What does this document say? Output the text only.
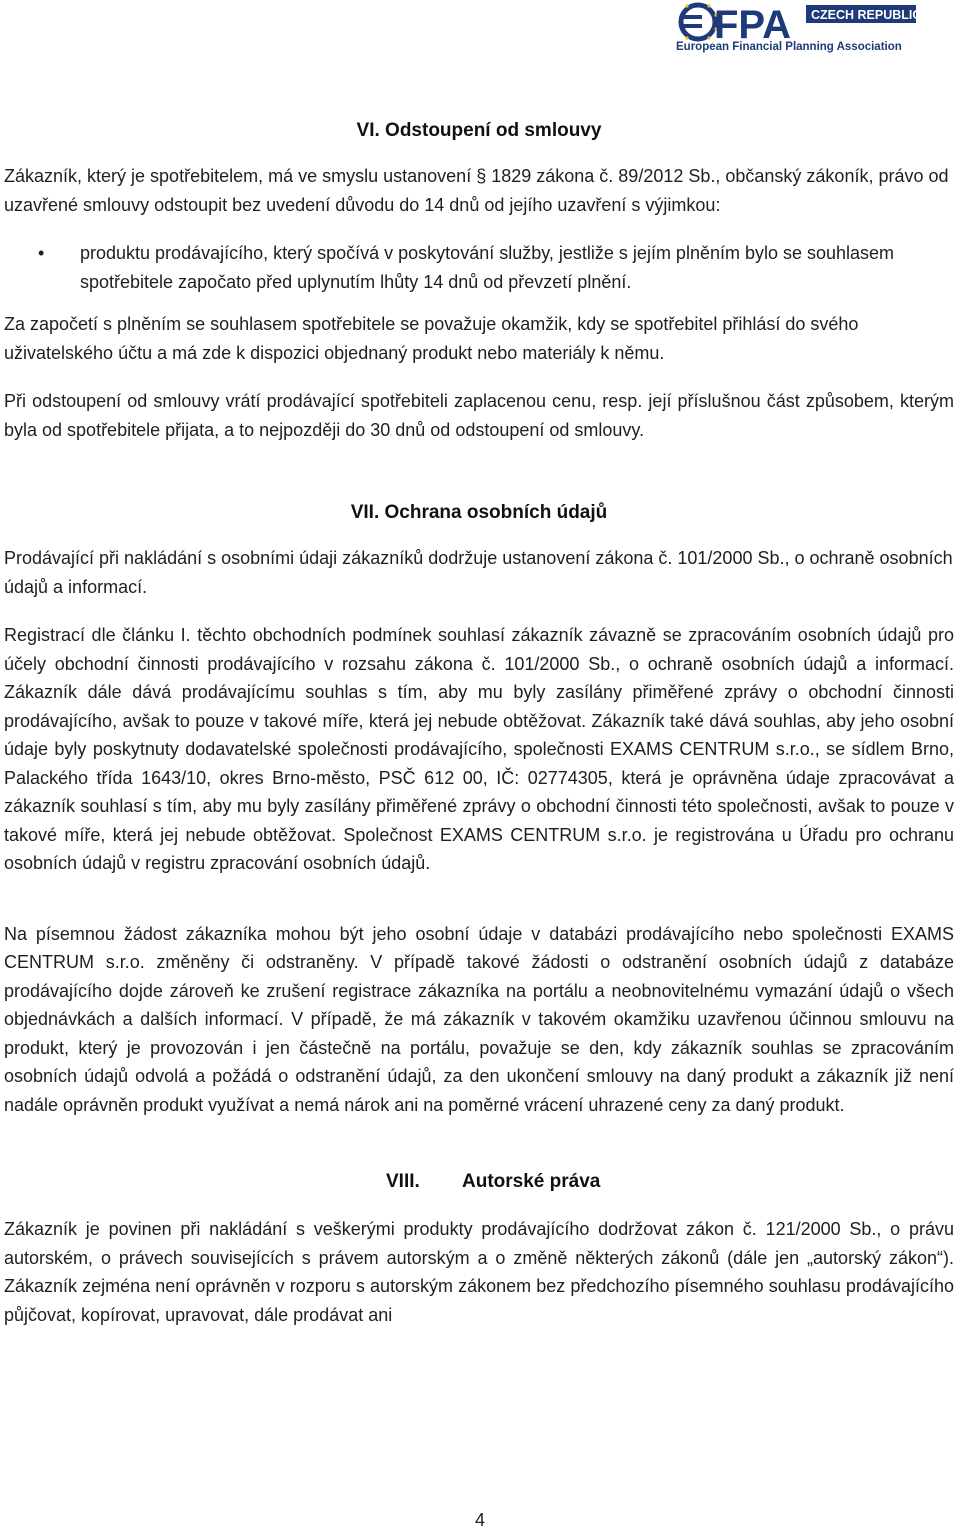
FPA CZECH REPUBLIC
European Financial Planning Association
VI. Odstoupení od smlouvy

Zákazník, který je spotřebitelem, má ve smyslu ustanovení § 1829 zákona č. 89/2012 Sb., občanský zákoník, právo od uzavřené smlouvy odstoupit bez uvedení důvodu do 14 dnů od jejího uzavření s výjimkou:

• produktu prodávajícího, který spočívá v poskytování služby, jestliže s jejím plněním bylo se souhlasem spotřebitele započato před uplynutím lhůty 14 dnů od převzetí plnění.

Za započetí s plněním se souhlasem spotřebitele se považuje okamžik, kdy se spotřebitel přihlásí do svého uživatelského účtu a má zde k dispozici objednaný produkt nebo materiály k němu.

Při odstoupení od smlouvy vrátí prodávající spotřebiteli zaplacenou cenu, resp. její příslušnou část způsobem, kterým byla od spotřebitele přijata, a to nejpozději do 30 dnů od odstoupení od smlouvy.

VII. Ochrana osobních údajů

Prodávající při nakládání s osobními údaji zákazníků dodržuje ustanovení zákona č. 101/2000 Sb., o ochraně osobních údajů a informací.

Registrací dle článku I. těchto obchodních podmínek souhlasí zákazník závazně se zpracováním osobních údajů pro účely obchodní činnosti prodávajícího v rozsahu zákona č. 101/2000 Sb., o ochraně osobních údajů a informací. Zákazník dále dává prodávajícímu souhlas s tím, aby mu byly zasílány přiměřené zprávy o obchodní činnosti prodávajícího, avšak to pouze v takové míře, která jej nebude obtěžovat. Zákazník také dává souhlas, aby jeho osobní údaje byly poskytnuty dodavatelské společnosti prodávajícího, společnosti EXAMS CENTRUM s.r.o., se sídlem Brno, Palackého třída 1643/10, okres Brno-město, PSČ 612 00, IČ: 02774305, která je oprávněna údaje zpracovávat a zákazník souhlasí s tím, aby mu byly zasílány přiměřené zprávy o obchodní činnosti této společnosti, avšak to pouze v takové míře, která jej nebude obtěžovat. Společnost EXAMS CENTRUM s.r.o. je registrována u Úřadu pro ochranu osobních údajů v registru zpracování osobních údajů.

Na písemnou žádost zákazníka mohou být jeho osobní údaje v databázi prodávajícího nebo společnosti EXAMS CENTRUM s.r.o. změněny či odstraněny. V případě takové žádosti o odstranění osobních údajů z databáze prodávajícího dojde zároveň ke zrušení registrace zákazníka na portálu a neobnovitelnému vymazání údajů o všech objednávkách a dalších informací. V případě, že má zákazník v takovém okamžiku uzavřenou účinnou smlouvu na produkt, který je provozován i jen částečně na portálu, považuje se den, kdy zákazník souhlas se zpracováním osobních údajů odvolá a požádá o odstranění údajů, za den ukončení smlouvy na daný produkt a zákazník již není nadále oprávněn produkt využívat a nemá nárok ani na poměrné vrácení uhrazené ceny za daný produkt.

VIII. Autorské práva

Zákazník je povinen při nakládání s veškerými produkty prodávajícího dodržovat zákon č. 121/2000 Sb., o právu autorském, o právech souvisejících s právem autorským a o změně některých zákonů (dále jen „autorský zákon“). Zákazník zejména není oprávněn v rozporu s autorským zákonem bez předchozího písemného souhlasu prodávajícího půjčovat, kopírovat, upravovat, dále prodávat ani

4
